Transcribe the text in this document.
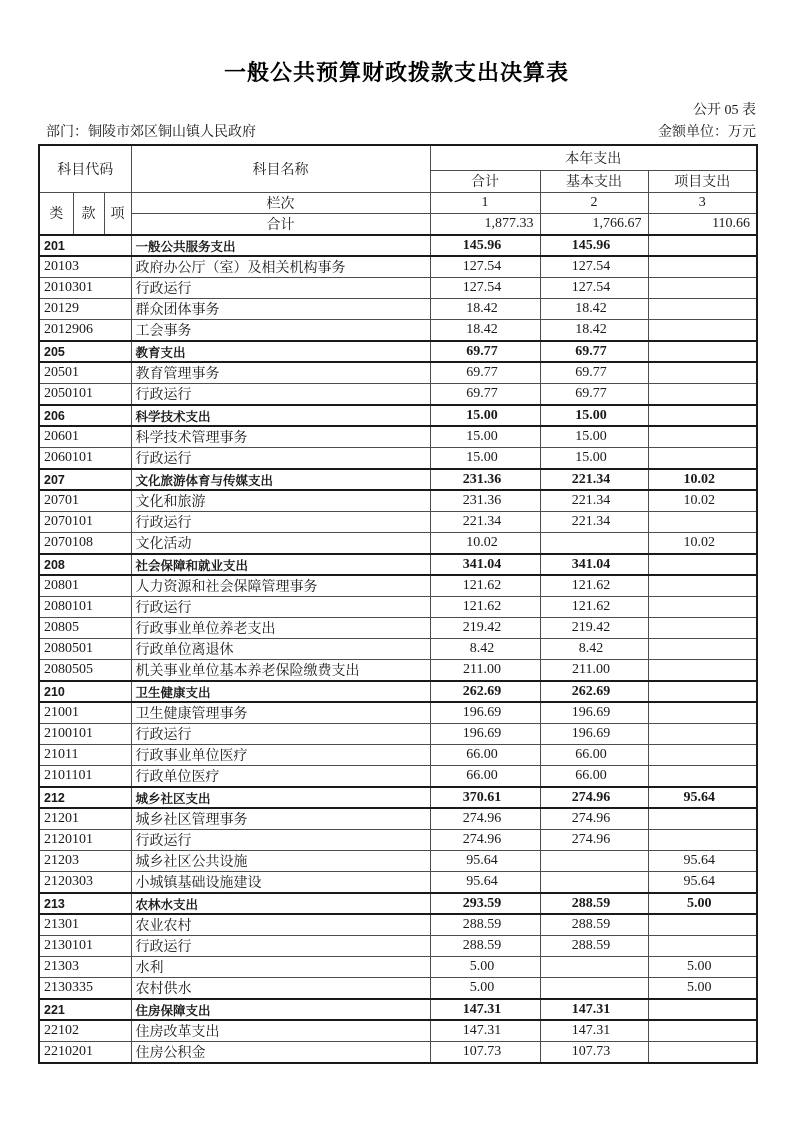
一般公共预算财政拨款支出决算表
公开 05 表
部门：铜陵市郊区铜山镇人民政府	金额单位：万元
科目代码			科目名称	本年支出		
				合计	基本支出	项目支出
类	款	项	栏次	1	2	3
			合计	1,877.33	1,766.67	110.66
201			一般公共服务支出	145.96	145.96	
20103			政府办公厅（室）及相关机构事务	127.54	127.54	
2010301			行政运行	127.54	127.54	
20129			群众团体事务	18.42	18.42	
2012906			工会事务	18.42	18.42	
205			教育支出	69.77	69.77	
20501			教育管理事务	69.77	69.77	
2050101			行政运行	69.77	69.77	
206			科学技术支出	15.00	15.00	
20601			科学技术管理事务	15.00	15.00	
2060101			行政运行	15.00	15.00	
207			文化旅游体育与传媒支出	231.36	221.34	10.02
20701			文化和旅游	231.36	221.34	10.02
2070101			行政运行	221.34	221.34	
2070108			文化活动	10.02		10.02
208			社会保障和就业支出	341.04	341.04	
20801			人力资源和社会保障管理事务	121.62	121.62	
2080101			行政运行	121.62	121.62	
20805			行政事业单位养老支出	219.42	219.42	
2080501			行政单位离退休	8.42	8.42	
2080505			机关事业单位基本养老保险缴费支出	211.00	211.00	
210			卫生健康支出	262.69	262.69	
21001			卫生健康管理事务	196.69	196.69	
2100101			行政运行	196.69	196.69	
21011			行政事业单位医疗	66.00	66.00	
2101101			行政单位医疗	66.00	66.00	
212			城乡社区支出	370.61	274.96	95.64
21201			城乡社区管理事务	274.96	274.96	
2120101			行政运行	274.96	274.96	
21203			城乡社区公共设施	95.64		95.64
2120303			小城镇基础设施建设	95.64		95.64
213			农林水支出	293.59	288.59	5.00
21301			农业农村	288.59	288.59	
2130101			行政运行	288.59	288.59	
21303			水利	5.00		5.00
2130335			农村供水	5.00		5.00
221			住房保障支出	147.31	147.31	
22102			住房改革支出	147.31	147.31	
2210201			住房公积金	107.73	107.73	
